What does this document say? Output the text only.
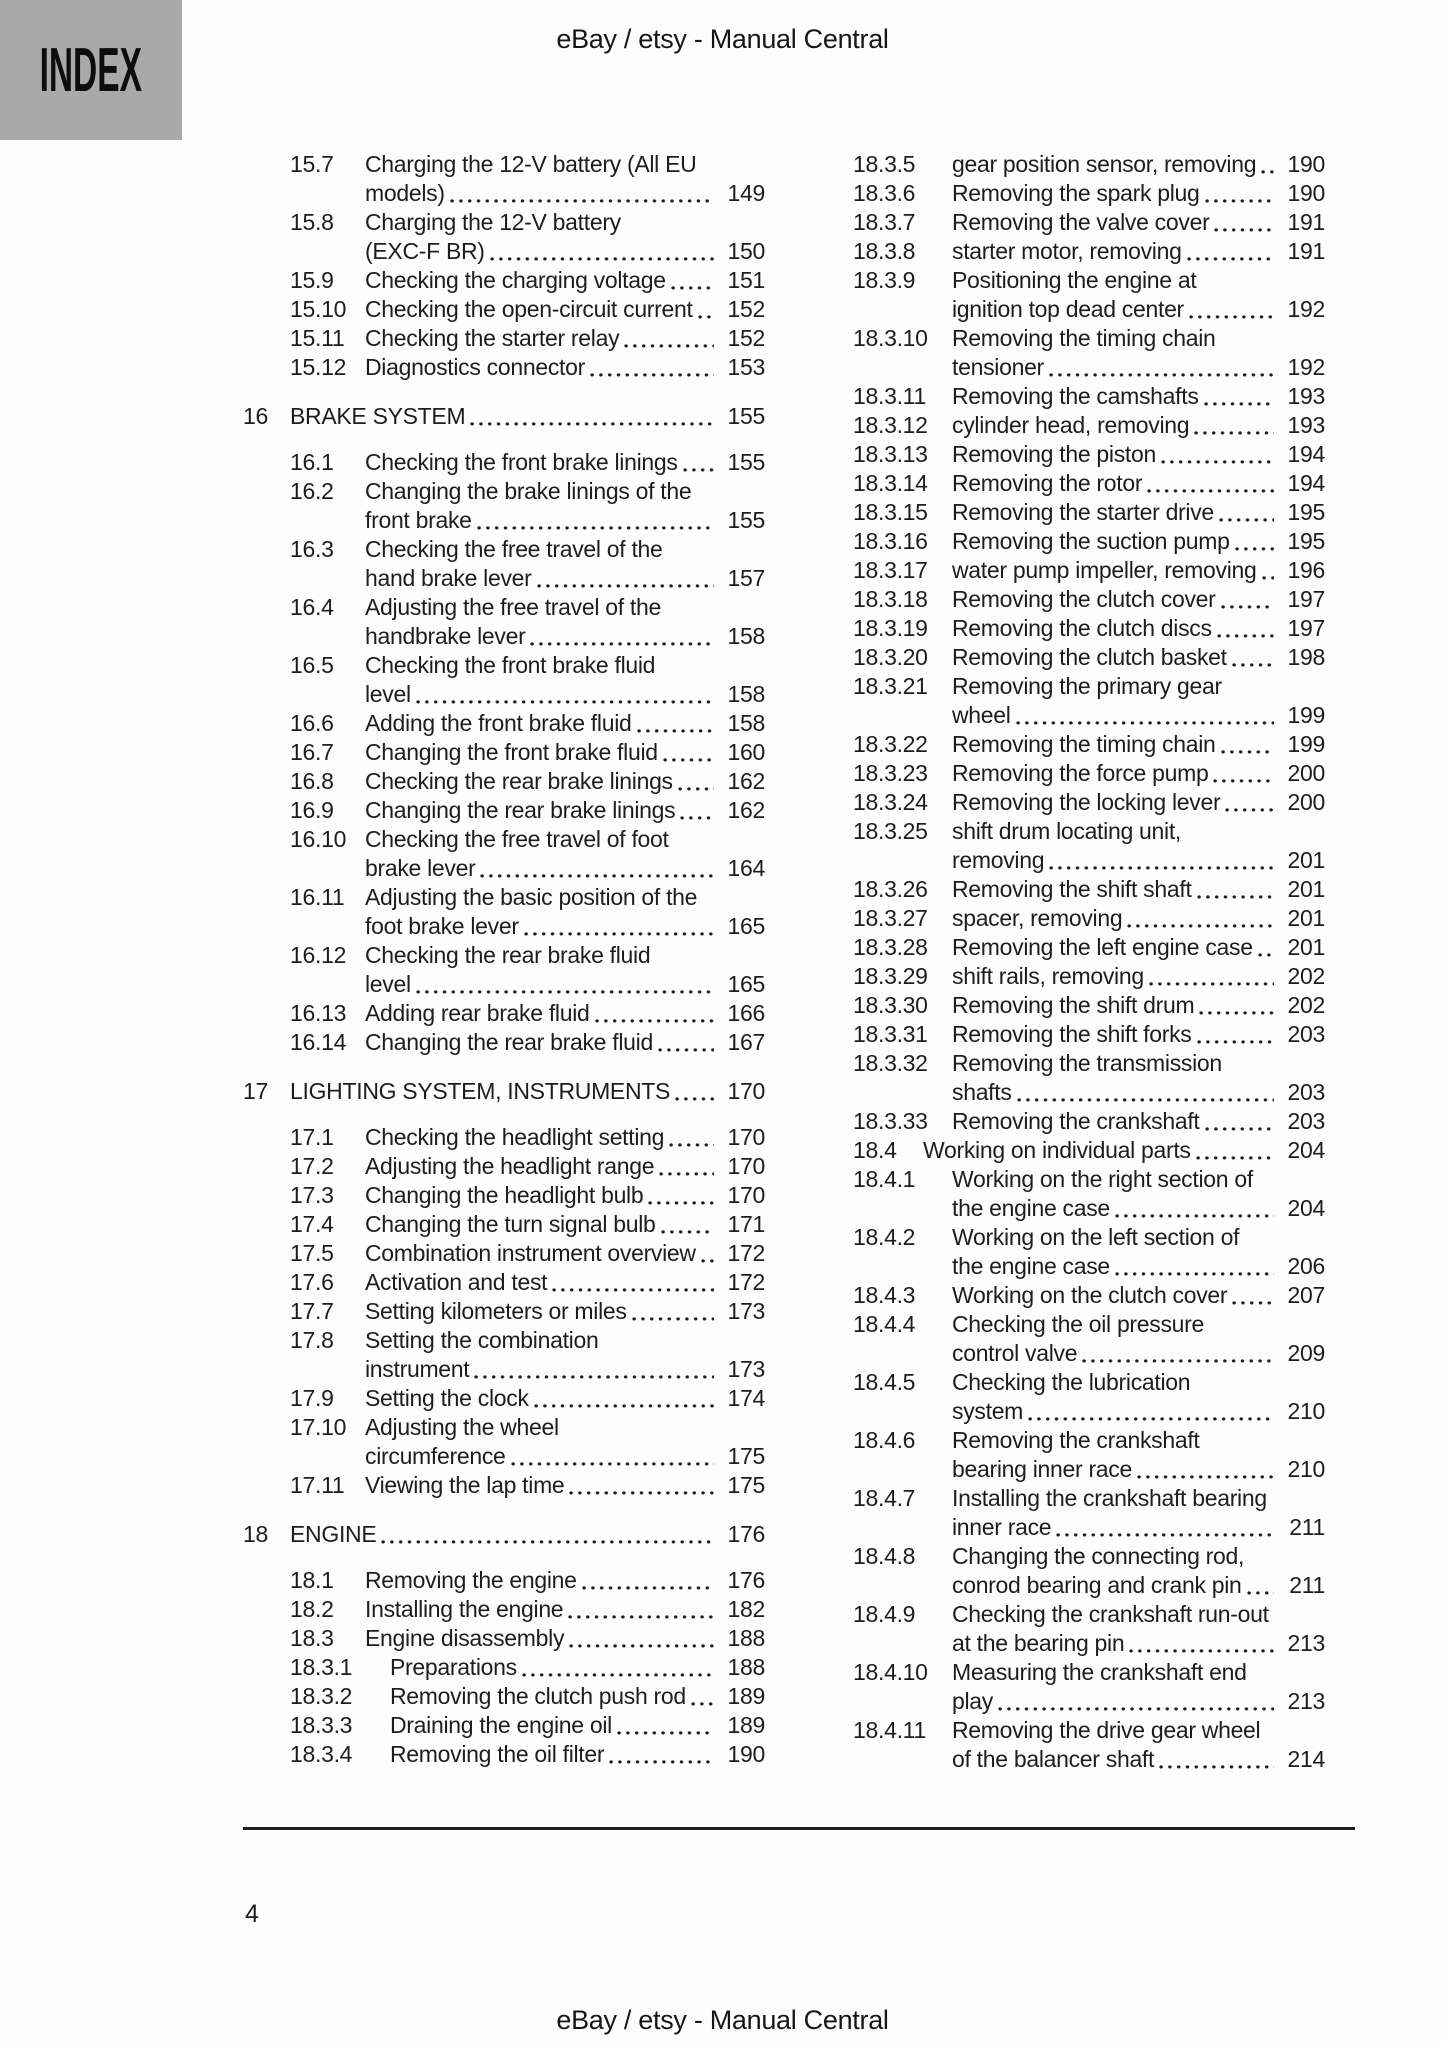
INDEX	eBay / etsy - Manual Central
15.7	Charging the 12-V battery (All EU
models)	149
15.8	Charging the 12-V battery
(EXC-F BR)	150
15.9	Checking the charging voltage	151
15.10 Checking the open-circuit current 152
15.11 Checking the starter relay	152
15.12 Diagnostics connector	153
16 BRAKE SYSTEM	155
16.1	Checking the front brake linings 155
16.2	Changing the brake linings of the
front brake	155
16.3	Checking the free travel of the
hand brake lever	157
16.4	Adjusting the free travel of the
handbrake lever	158
16.5	Checking the front brake fluid
level	158
16.6	Adding the front brake fluid	158
16.7	Changing the front brake fluid	160
16.8	Checking the rear brake linings 162
16.9	Changing the rear brake linings 162
16.10 Checking the free travel of foot
brake lever	164
16.11 Adjusting the basic position of the
foot brake lever	165
16.12 Checking the rear brake fluid
level	165
16.13 Adding rear brake fluid	166
16.14 Changing the rear brake fluid	167
17 LIGHTING SYSTEM, INSTRUMENTS 170
17.1	Checking the headlight setting	170
17.2	Adjusting the headlight range	170
17.3	Changing the headlight bulb	170
17.4	Changing the turn signal bulb	171
17.5	Combination instrument overview 172
17.6	Activation and test	172
17.7	Setting kilometers or miles	173
17.8	Setting the combination
instrument	173
17.9	Setting the clock	174
17.10 Adjusting the wheel
circumference	175
17.11 Viewing the lap time	175
18 ENGINE	176
18.1	Removing the engine	176
18.2	Installing the engine	182
18.3	Engine disassembly	188
18.3.1	Preparations	188
18.3.2	Removing the clutch push rod 189
18.3.3	Draining the engine oil	189
18.3.4	Removing the oil filter	190
18.3.5	gear position sensor, removing 190
18.3.6	Removing the spark plug	190
18.3.7	Removing the valve cover	191
18.3.8	starter motor, removing	191
18.3.9	Positioning the engine at
ignition top dead center	192
18.3.10	Removing the timing chain
tensioner	192
18.3.11	Removing the camshafts	193
18.3.12	cylinder head, removing	193
18.3.13	Removing the piston	194
18.3.14	Removing the rotor	194
18.3.15	Removing the starter drive	195
18.3.16	Removing the suction pump	195
18.3.17	water pump impeller, removing 196
18.3.18	Removing the clutch cover	197
18.3.19	Removing the clutch discs	197
18.3.20	Removing the clutch basket	198
18.3.21	Removing the primary gear
wheel	199
18.3.22	Removing the timing chain	199
18.3.23	Removing the force pump	200
18.3.24	Removing the locking lever	200
18.3.25	shift drum locating unit,
removing	201
18.3.26	Removing the shift shaft	201
18.3.27	spacer, removing	201
18.3.28	Removing the left engine case 201
18.3.29	shift rails, removing	202
18.3.30	Removing the shift drum	202
18.3.31	Removing the shift forks	203
18.3.32	Removing the transmission
shafts	203
18.3.33	Removing the crankshaft	203
18.4	Working on individual parts	204
18.4.1	Working on the right section of
the engine case	204
18.4.2	Working on the left section of
the engine case	206
18.4.3	Working on the clutch cover	207
18.4.4	Checking the oil pressure
control valve	209
18.4.5	Checking the lubrication
system	210
18.4.6	Removing the crankshaft
bearing inner race	210
18.4.7	Installing the crankshaft bearing
inner race	211
18.4.8	Changing the connecting rod,
conrod bearing and crank pin 211
18.4.9	Checking the crankshaft run-out
at the bearing pin	213
18.4.10	Measuring the crankshaft end
play	213
18.4.11	Removing the drive gear wheel
of the balancer shaft	214
4
eBay / etsy - Manual Central
